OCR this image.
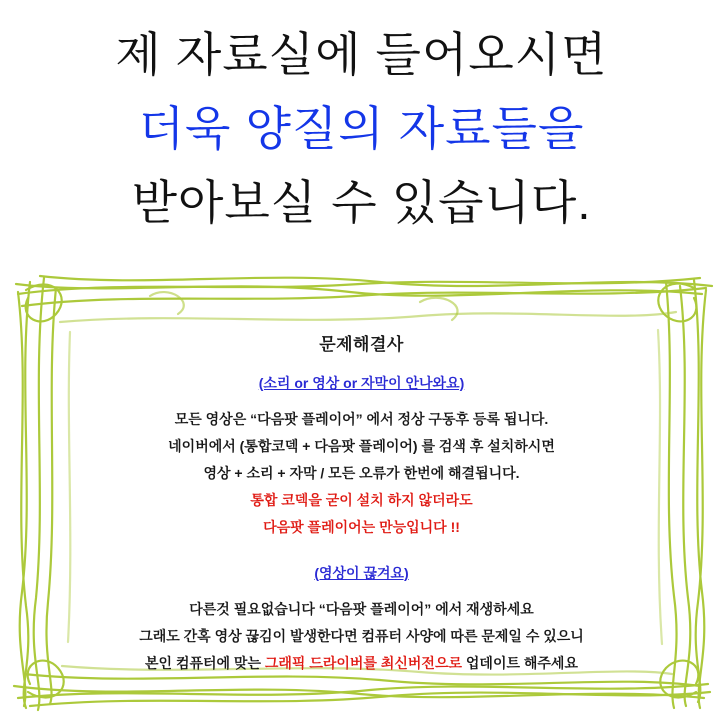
제 자료실에 들어오시면
더욱 양질의 자료들을
받아보실 수 있습니다.
문제해결사
(소리 or 영상 or 자막이 안나와요)
모든 영상은 “다음팟 플레이어” 에서 정상 구동후 등록 됩니다.
네이버에서 (통합코덱 + 다음팟 플레이어) 를 검색 후 설치하시면
영상 + 소리 + 자막 / 모든 오류가 한번에 해결됩니다.
통합 코덱을 굳이 설치 하지 않더라도
다음팟 플레이어는 만능입니다 !!
(영상이 끊겨요)
다른것 필요없습니다 “다음팟 플레이어” 에서 재생하세요
그래도 간혹 영상 끊김이 발생한다면 컴퓨터 사양에 따른 문제일 수 있으니
본인 컴퓨터에 맞는 그래픽 드라이버를 최신버전으로 업데이트 해주세요
